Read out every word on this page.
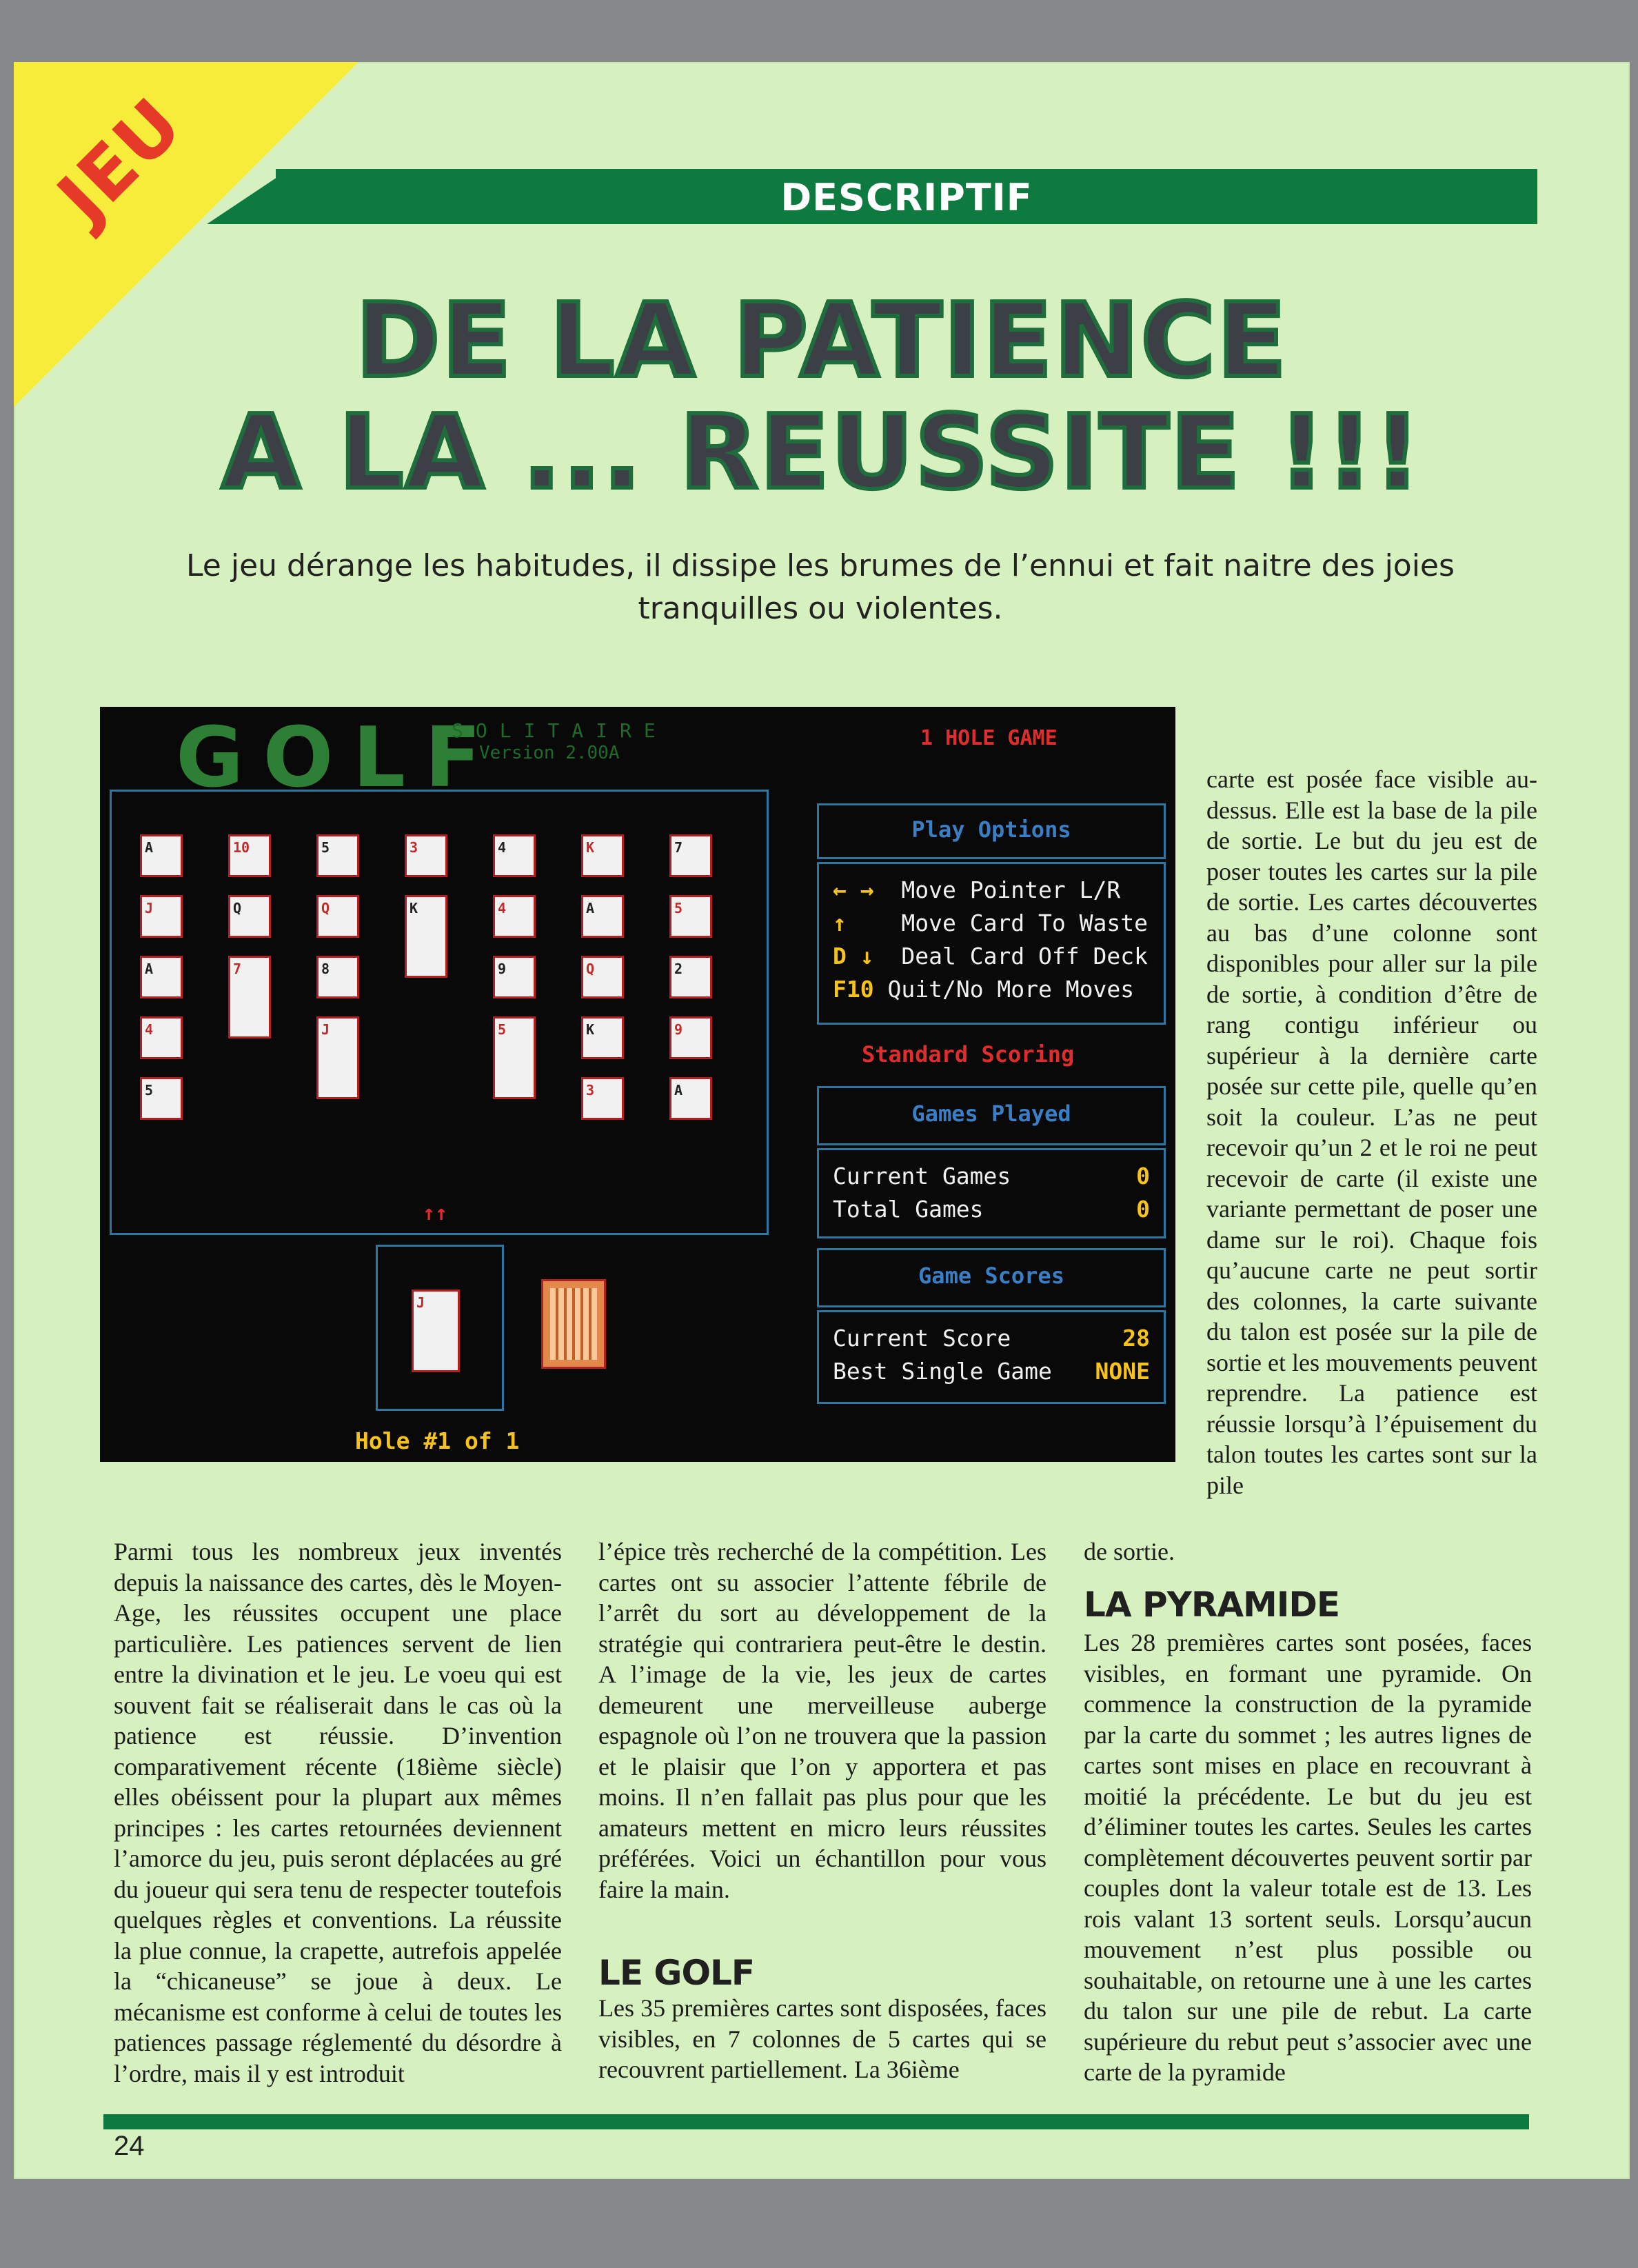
JEU	DESCRIPTIF
DE LA PATIENCE
A LA ... REUSSITE !!!
Le jeu dérange les habitudes, il dissipe les brumes de l’ennui et fait naitre des joies tranquilles ou violentes.
GOLF
SOLITAIRE
Version 2.00A
1 HOLE GAME
A
J
A
4
5
10
Q
7
5
Q
8
J
3
K
4
4
9
5
K
A
Q
K
3
7
5
2
9
A
Play Options
← → Move Pointer L/R
↑ Move Card To Waste
D ↓ Deal Card Off Deck
F10 Quit/No More Moves
Standard Scoring
Games Played
Current Games	0
Total Games	0
Game Scores
Current Score	28
Best Single Game NONE
↑↑
J
Hole #1 of 1
Parmi tous les nombreux jeux inventés depuis la naissance des cartes, dès le Moyen-Age, les réussites occupent une place particulière. Les patiences servent de lien entre la divination et le jeu. Le voeu qui est souvent fait se réaliserait dans le cas où la patience est réussie. D’invention comparativement récente (18ième siècle) elles obéissent pour la plupart aux mêmes principes : les cartes retournées deviennent l’amorce du jeu, puis seront déplacées au gré du joueur qui sera tenu de respecter toutefois quelques règles et conventions. La réussite la plue connue, la crapette, autrefois appelée la “chicaneuse” se joue à deux. Le mécanisme est conforme à celui de toutes les patiences passage réglementé du désordre à l’ordre, mais il y est introduit
l’épice très recherché de la compétition. Les cartes ont su associer l’attente fébrile de l’arrêt du sort au développement de la stratégie qui contrariera peut-être le destin. A l’image de la vie, les jeux de cartes demeurent une merveilleuse auberge espagnole où l’on ne trouvera que la passion et le plaisir que l’on y apportera et pas moins. Il n’en fallait pas plus pour que les amateurs mettent en micro leurs réussites préférées. Voici un échantillon pour vous faire la main.
LE GOLF
Les 35 premières cartes sont disposées, faces visibles, en 7 colonnes de 5 cartes qui se recouvrent partiellement. La 36ième
carte est posée face visible au-dessus. Elle est la base de la pile de sortie. Le but du jeu est de poser toutes les cartes sur la pile de sortie. Les cartes découvertes au bas d’une colonne sont disponibles pour aller sur la pile de sortie, à condition d’être de rang contigu inférieur ou supérieur à la dernière carte posée sur cette pile, quelle qu’en soit la couleur. L’as ne peut recevoir qu’un 2 et le roi ne peut recevoir de carte (il existe une variante permettant de poser une dame sur le roi). Chaque fois qu’aucune carte ne peut sortir des colonnes, la carte suivante du talon est posée sur la pile de sortie et les mouvements peuvent reprendre. La patience est réussie lorsqu’à l’épuisement du talon toutes les cartes sont sur la pile
de sortie.
LA PYRAMIDE
Les 28 premières cartes sont posées, faces visibles, en formant une pyramide. On commence la construction de la pyramide par la carte du sommet ; les autres lignes de cartes sont mises en place en recouvrant à moitié la précédente. Le but du jeu est d’éliminer toutes les cartes. Seules les cartes complètement découvertes peuvent sortir par couples dont la valeur totale est de 13. Les rois valant 13 sortent seuls. Lorsqu’aucun mouvement n’est plus possible ou souhaitable, on retourne une à une les cartes du talon sur une pile de rebut. La carte supérieure du rebut peut s’associer avec une carte de la pyramide
24
